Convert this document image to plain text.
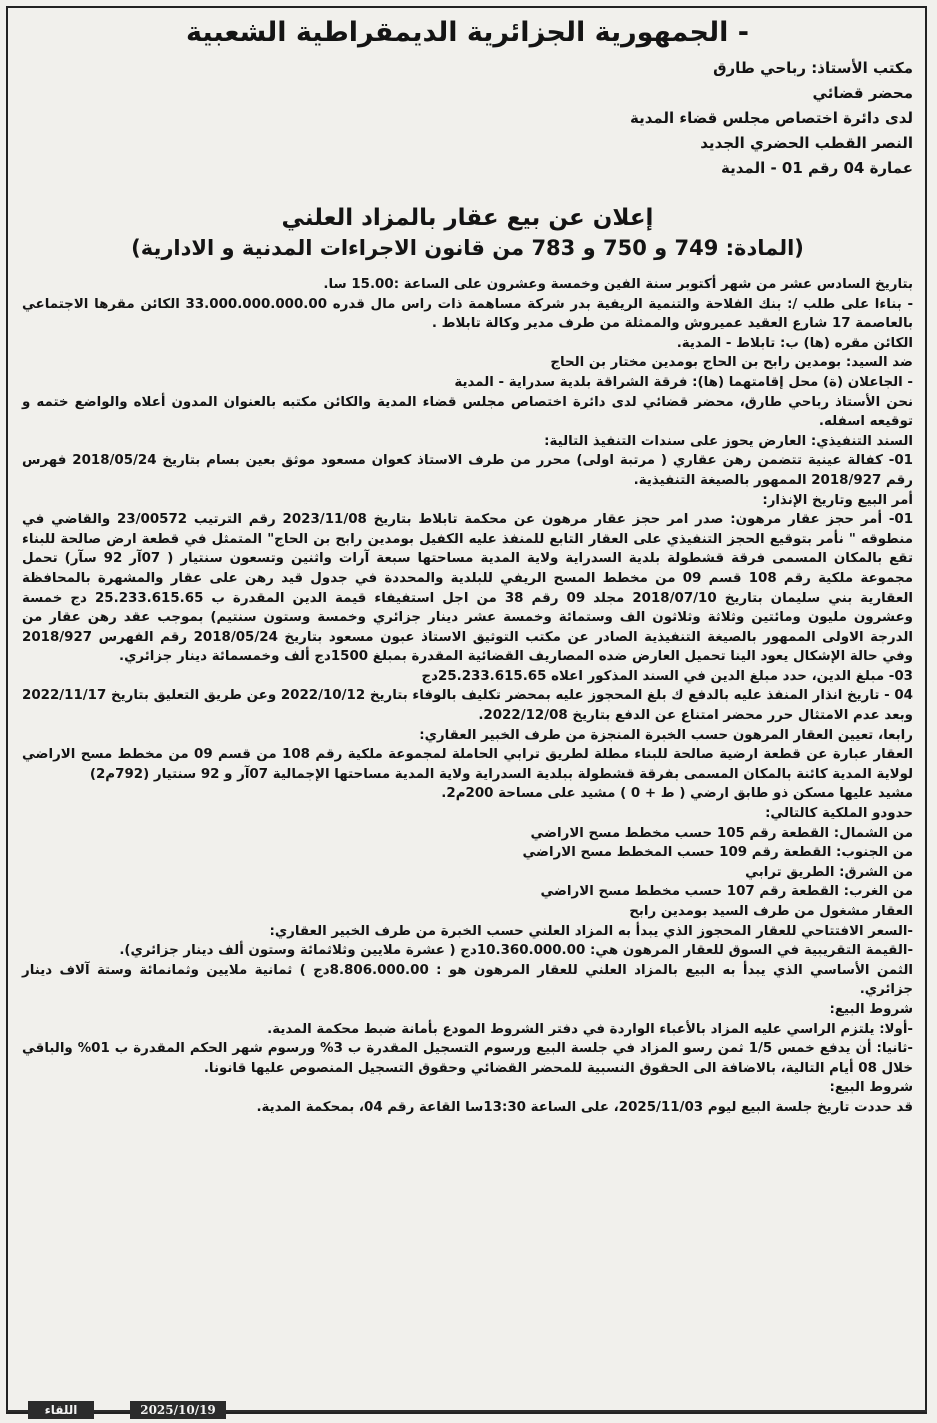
- الجمهورية الجزائرية الديمقراطية الشعبية
مكتب الأستاذ: رباحي طارق
محضر قضائي
لدى دائرة اختصاص مجلس قضاء المدية
النصر القطب الحضري الجديد
عمارة 04 رقم 01 - المدية
إعلان عن بيع عقار بالمزاد العلني
(المادة: 749 و 750 و 783 من قانون الاجراءات المدنية و الادارية)

بتاريخ السادس عشر من شهر أكتوبر سنة الفين وخمسة وعشرون على الساعة :15.00 سا.

- بناءا على طلب /: بنك الفلاحة والتنمية الريفية بدر شركة مساهمة ذات راس مال قدره 33.000.000.000.00 الكائن مقرها الاجتماعي بالعاصمة 17 شارع العقيد عميروش والممثلة من طرف مدير وكالة تابلاط .

الكائن مقره (ها) ب: تابلاط - المدية.

ضد السيد: بومدين رابح بن الحاج بومدين مختار بن الحاج

- الجاعلان (ة) محل إقامتهما (ها): فرقة الشراقة بلدية سدراية - المدية

نحن الأستاذ رباحي طارق، محضر قضائي لدى دائرة اختصاص مجلس قضاء المدية والكائن مكتبه بالعنوان المدون أعلاه والواضع ختمه و توقيعه اسفله.

السند التنفيذي: العارض يحوز على سندات التنفيذ التالية:

01- كفالة عينية تتضمن رهن عقاري ( مرتبة اولى) محرر من طرف الاستاذ كعوان مسعود موثق بعين بسام بتاريخ 2018/05/24 فهرس رقم 2018/927 الممهور بالصيغة التنفيذية.

أمر البيع وتاريخ الإنذار:

01- أمر حجز عقار مرهون: صدر امر حجز عقار مرهون عن محكمة تابلاط بتاريخ 2023/11/08 رقم الترتيب 23/00572 والقاضي في منطوقه " نأمر بتوقيع الحجز التنفيذي على العقار التابع للمنفذ عليه الكفيل بومدين رابح بن الحاج" المتمثل في قطعة ارض صالحة للبناء تقع بالمكان المسمى فرقة قشطولة بلدية السدراية ولاية المدية مساحتها سبعة آرات واثنين وتسعون سنتيار ( 07آر 92 سآر) تحمل مجموعة ملكية رقم 108 قسم 09 من مخطط المسح الريفي للبلدية والمحددة في جدول قيد رهن على عقار والمشهرة بالمحافظة العقارية بني سليمان بتاريخ 2018/07/10 مجلد 09 رقم 38 من اجل استفيفاء قيمة الدين المقدرة ب 25.233.615.65 دج خمسة وعشرون مليون ومائتين وثلاثة وثلاثون الف وستمائة وخمسة عشر دينار جزائري وخمسة وستون سنتيم) بموجب عقد رهن عقار من الدرجة الاولى الممهور بالصيغة التنفيذية الصادر عن مكتب التوثيق الاستاذ عبون مسعود بتاريخ 2018/05/24 رقم الفهرس 2018/927 وفي حالة الإشكال يعود الينا تحميل العارض ضده المصاريف القضائية المقدرة بمبلغ 1500دج ألف وخمسمائة دينار جزائري.

03- مبلغ الدين، حدد مبلغ الدين في السند المذكور اعلاه 25.233.615.65دج

04 - تاريخ انذار المنفذ عليه بالدفع ك بلغ المحجوز عليه بمحضر تكليف بالوفاء بتاريخ 2022/10/12 وعن طريق التعليق بتاريخ 2022/11/17 وبعد عدم الامتثال حرر محضر امتناع عن الدفع بتاريخ 2022/12/08.

رابعا، تعيين العقار المرهون حسب الخبرة المنجزة من طرف الخبير العقاري:

العقار عبارة عن قطعة ارضية صالحة للبناء مطلة لطريق ترابي الحاملة لمجموعة ملكية رقم 108 من قسم 09 من مخطط مسح الاراضي لولاية المدية كائنة بالمكان المسمى بفرقة قشطولة ببلدية السدراية ولاية المدية مساحتها الإجمالية 07آر و 92 سنتيار (792م2)

مشيد عليها مسكن ذو طابق ارضي ( ط + 0 ) مشيد على مساحة 200م2.

حدودو الملكية كالتالي:

من الشمال: القطعة رقم 105 حسب مخطط مسح الاراضي

من الجنوب: القطعة رقم 109 حسب المخطط مسح الاراضي

من الشرق: الطريق ترابي

من الغرب: القطعة رقم 107 حسب مخطط مسح الاراضي

العقار مشغول من طرف السيد بومدين رابح

-السعر الافتتاحي للعقار المحجوز الذي يبدأ به المزاد العلني حسب الخبرة من طرف الخبير العقاري:

-القيمة التقريبية في السوق للعقار المرهون هي: 10.360.000.00دج ( عشرة ملايين وثلاثمائة وستون ألف دينار جزائري).

الثمن الأساسي الذي يبدأ به البيع بالمزاد العلني للعقار المرهون هو : 8.806.000.00دج ) ثمانية ملايين وثمانمائة وستة آلاف دينار جزائري.

شروط البيع:

-أولا: يلتزم الراسي عليه المزاد بالأعباء الواردة في دفتر الشروط المودع بأمانة ضبط محكمة المدية.

-ثانيا: أن يدفع خمس 1/5 ثمن رسو المزاد في جلسة البيع ورسوم التسجيل المقدرة ب 3% ورسوم شهر الحكم المقدرة ب 01% والباقي خلال 08 أيام التالية، بالاضافة الى الحقوق النسبية للمحضر القضائي وحقوق التسجيل المنصوص عليها قانونا.

شروط البيع:

قد حددت تاريخ جلسة البيع ليوم 2025/11/03، على الساعة 13:30سا القاعة رقم 04، بمحكمة المدية.

اللقاء	2025/10/19
